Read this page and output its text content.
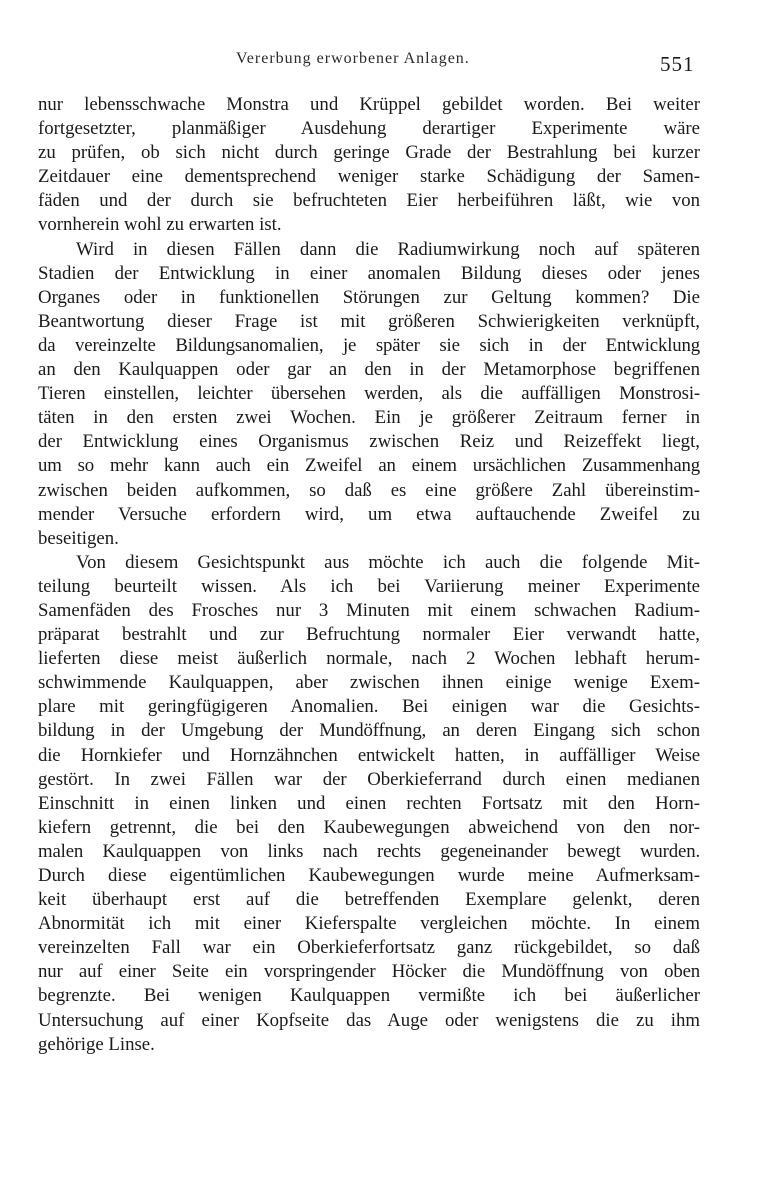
Vererbung erworbener Anlagen.	551
nur lebensschwache Monstra und Krüppel gebildet worden. Bei weiter
fortgesetzter, planmäßiger Ausdehung derartiger Experimente wäre
zu prüfen, ob sich nicht durch geringe Grade der Bestrahlung bei kurzer
Zeitdauer eine dementsprechend weniger starke Schädigung der Samen-
fäden und der durch sie befruchteten Eier herbeiführen läßt, wie von
vornherein wohl zu erwarten ist.
Wird in diesen Fällen dann die Radiumwirkung noch auf späteren
Stadien der Entwicklung in einer anomalen Bildung dieses oder jenes
Organes oder in funktionellen Störungen zur Geltung kommen? Die
Beantwortung dieser Frage ist mit größeren Schwierigkeiten verknüpft,
da vereinzelte Bildungsanomalien, je später sie sich in der Entwicklung
an den Kaulquappen oder gar an den in der Metamorphose begriffenen
Tieren einstellen, leichter übersehen werden, als die auffälligen Monstrosi-
täten in den ersten zwei Wochen. Ein je größerer Zeitraum ferner in
der Entwicklung eines Organismus zwischen Reiz und Reizeffekt liegt,
um so mehr kann auch ein Zweifel an einem ursächlichen Zusammenhang
zwischen beiden aufkommen, so daß es eine größere Zahl übereinstim-
mender Versuche erfordern wird, um etwa auftauchende Zweifel zu
beseitigen.
Von diesem Gesichtspunkt aus möchte ich auch die folgende Mit-
teilung beurteilt wissen. Als ich bei Variierung meiner Experimente
Samenfäden des Frosches nur 3 Minuten mit einem schwachen Radium-
präparat bestrahlt und zur Befruchtung normaler Eier verwandt hatte,
lieferten diese meist äußerlich normale, nach 2 Wochen lebhaft herum-
schwimmende Kaulquappen, aber zwischen ihnen einige wenige Exem-
plare mit geringfügigeren Anomalien. Bei einigen war die Gesichts-
bildung in der Umgebung der Mundöffnung, an deren Eingang sich schon
die Hornkiefer und Hornzähnchen entwickelt hatten, in auffälliger Weise
gestört. In zwei Fällen war der Oberkieferrand durch einen medianen
Einschnitt in einen linken und einen rechten Fortsatz mit den Horn-
kiefern getrennt, die bei den Kaubewegungen abweichend von den nor-
malen Kaulquappen von links nach rechts gegeneinander bewegt wurden.
Durch diese eigentümlichen Kaubewegungen wurde meine Aufmerksam-
keit überhaupt erst auf die betreffenden Exemplare gelenkt, deren
Abnormität ich mit einer Kieferspalte vergleichen möchte. In einem
vereinzelten Fall war ein Oberkieferfortsatz ganz rückgebildet, so daß
nur auf einer Seite ein vorspringender Höcker die Mundöffnung von oben
begrenzte. Bei wenigen Kaulquappen vermißte ich bei äußerlicher
Untersuchung auf einer Kopfseite das Auge oder wenigstens die zu ihm
gehörige Linse.
